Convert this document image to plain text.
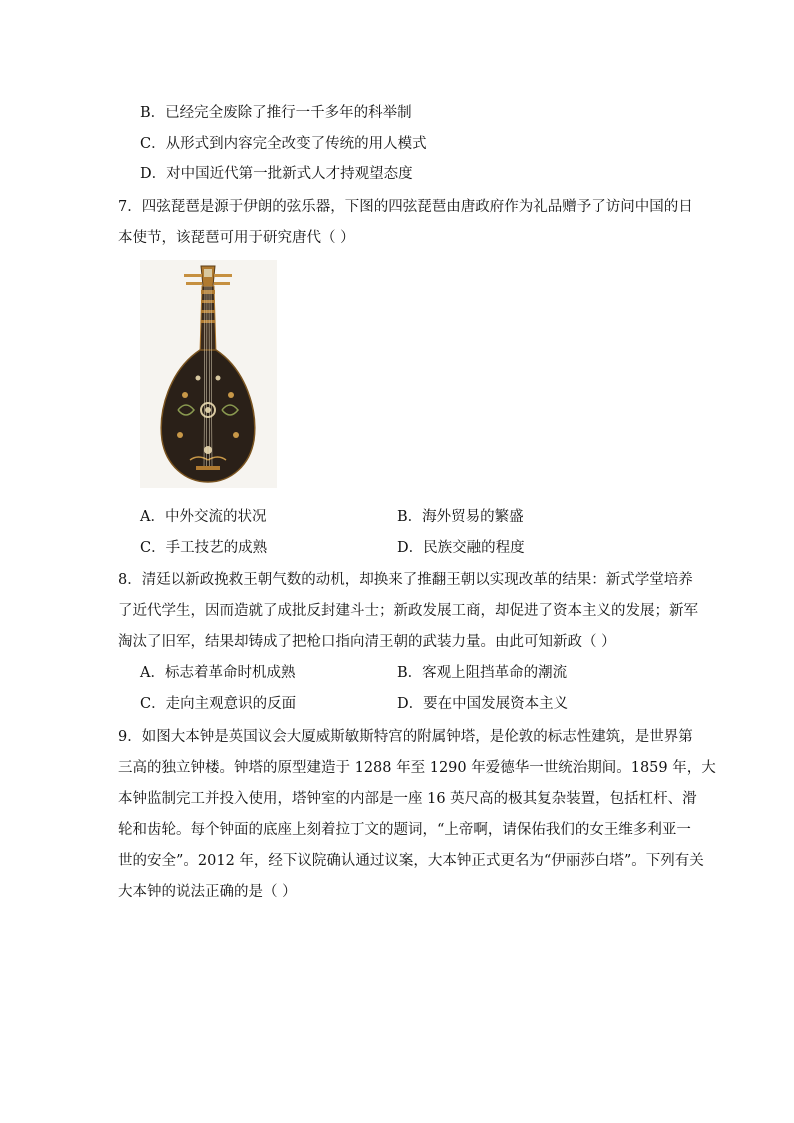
B．已经完全废除了推行一千多年的科举制
C．从形式到内容完全改变了传统的用人模式
D．对中国近代第一批新式人才持观望态度
7．四弦琵琶是源于伊朗的弦乐器，下图的四弦琵琶由唐政府作为礼品赠予了访问中国的日
本使节，该琵琶可用于研究唐代（ ）
A．中外交流的状况	B．海外贸易的繁盛
C．手工技艺的成熟	D．民族交融的程度
8．清廷以新政挽救王朝气数的动机，却换来了推翻王朝以实现改革的结果：新式学堂培养
了近代学生，因而造就了成批反封建斗士；新政发展工商，却促进了资本主义的发展；新军
淘汰了旧军，结果却铸成了把枪口指向清王朝的武装力量。由此可知新政（ ）
A．标志着革命时机成熟	B．客观上阻挡革命的潮流
C．走向主观意识的反面	D．要在中国发展资本主义
9．如图大本钟是英国议会大厦威斯敏斯特宫的附属钟塔，是伦敦的标志性建筑，是世界第
三高的独立钟楼。钟塔的原型建造于 1288 年至 1290 年爱德华一世统治期间。1859 年，大
本钟监制完工并投入使用，塔钟室的内部是一座 16 英尺高的极其复杂装置，包括杠杆、滑
轮和齿轮。每个钟面的底座上刻着拉丁文的题词，“上帝啊，请保佑我们的女王维多利亚一
世的安全”。2012 年，经下议院确认通过议案，大本钟正式更名为“伊丽莎白塔”。下列有关
大本钟的说法正确的是（ ）
